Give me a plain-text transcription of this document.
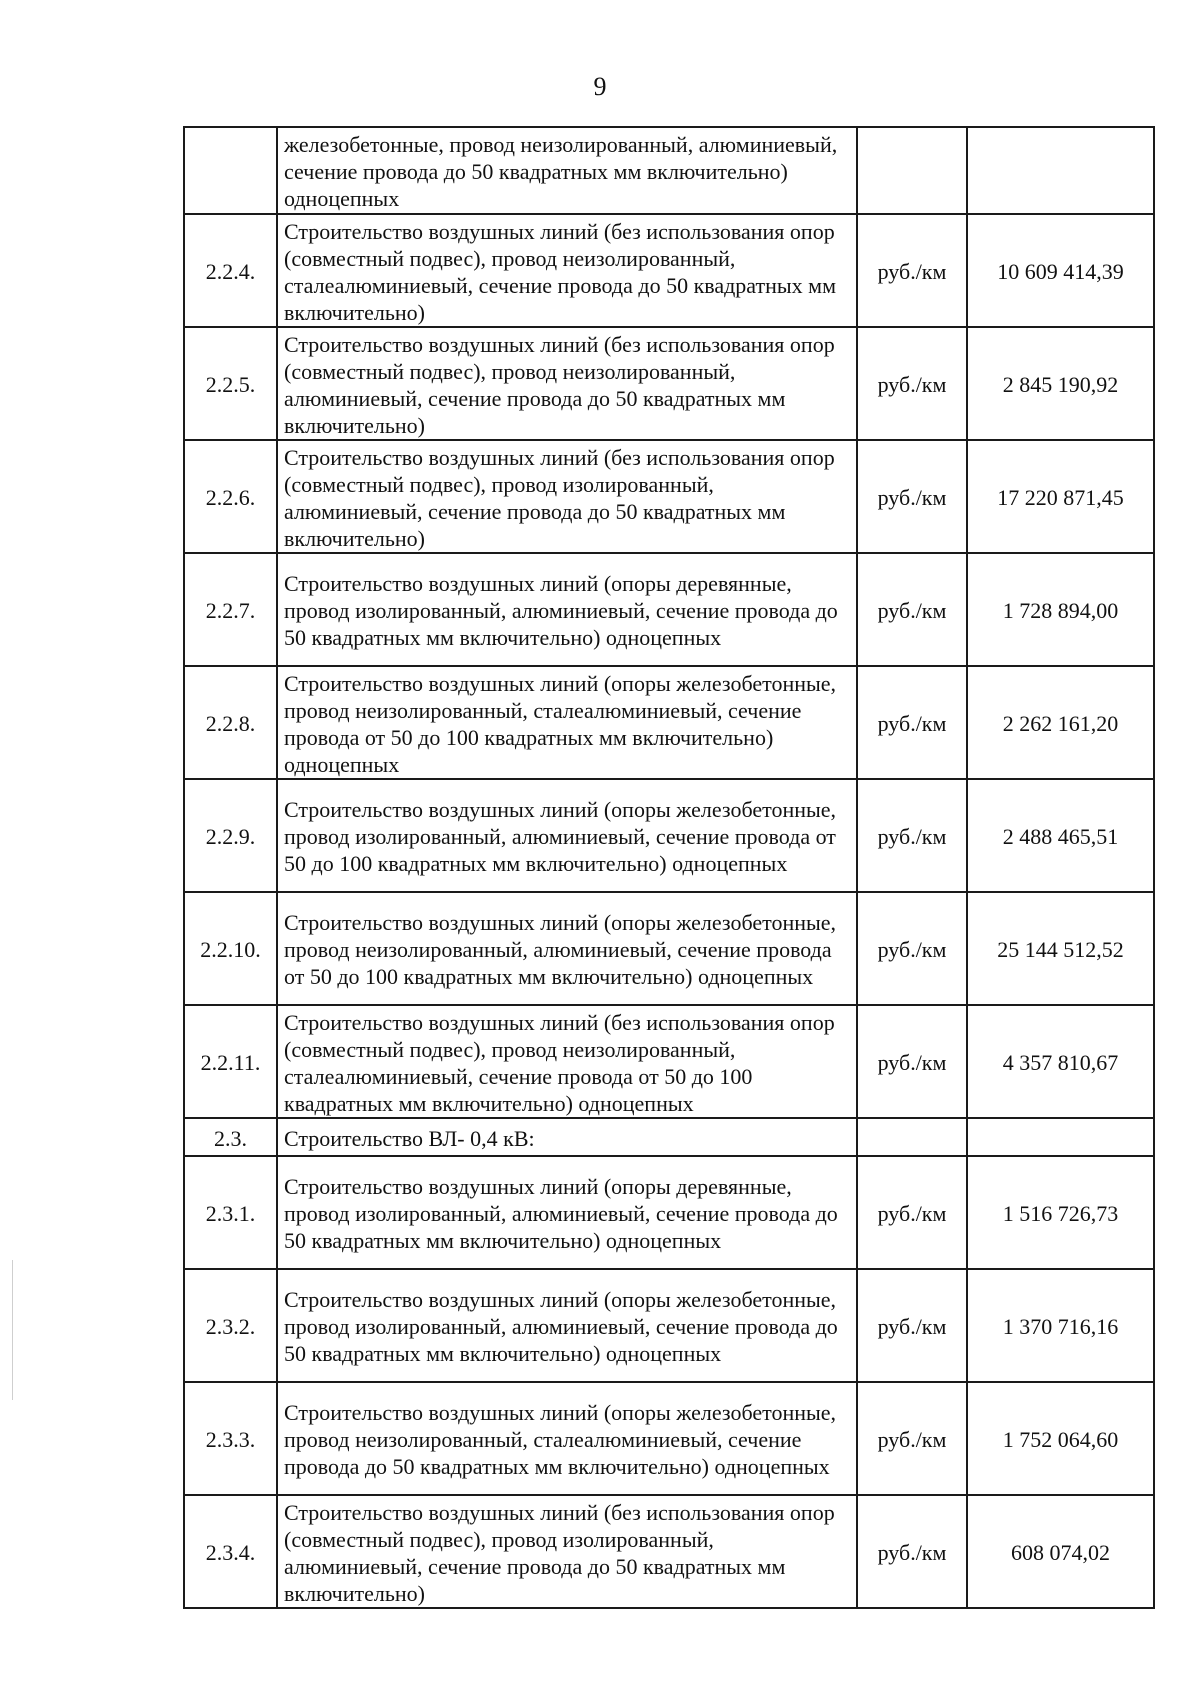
9
	железобетонные, провод неизолированный, алюминиевый, сечение провода до 50 квадратных мм включительно) одноцепных		
2.2.4.	Строительство воздушных линий (без использования опор (совместный подвес), провод неизолированный, сталеалюминиевый, сечение провода до 50 квадратных мм включительно)	руб./км	10 609 414,39
2.2.5.	Строительство воздушных линий (без использования опор (совместный подвес), провод неизолированный, алюминиевый, сечение провода до 50 квадратных мм включительно)	руб./км	2 845 190,92
2.2.6.	Строительство воздушных линий (без использования опор (совместный подвес), провод изолированный, алюминиевый, сечение провода до 50 квадратных мм включительно)	руб./км	17 220 871,45
2.2.7.	Строительство воздушных линий (опоры деревянные, провод изолированный, алюминиевый, сечение провода до 50 квадратных мм включительно) одноцепных	руб./км	1 728 894,00
2.2.8.	Строительство воздушных линий (опоры железобетонные, провод неизолированный, сталеалюминиевый, сечение провода от 50 до 100 квадратных мм включительно) одноцепных	руб./км	2 262 161,20
2.2.9.	Строительство воздушных линий (опоры железобетонные, провод изолированный, алюминиевый, сечение провода от 50 до 100 квадратных мм включительно) одноцепных	руб./км	2 488 465,51
2.2.10.	Строительство воздушных линий (опоры железобетонные, провод неизолированный, алюминиевый, сечение провода от 50 до 100 квадратных мм включительно) одноцепных	руб./км	25 144 512,52
2.2.11.	Строительство воздушных линий (без использования опор (совместный подвес), провод неизолированный, сталеалюминиевый, сечение провода от 50 до 100 квадратных мм включительно) одноцепных	руб./км	4 357 810,67
2.3.	Строительство ВЛ- 0,4 кВ:		
2.3.1.	Строительство воздушных линий (опоры деревянные, провод изолированный, алюминиевый, сечение провода до 50 квадратных мм включительно) одноцепных	руб./км	1 516 726,73
2.3.2.	Строительство воздушных линий (опоры железобетонные, провод изолированный, алюминиевый, сечение провода до 50 квадратных мм включительно) одноцепных	руб./км	1 370 716,16
2.3.3.	Строительство воздушных линий (опоры железобетонные, провод неизолированный, сталеалюминиевый, сечение провода до 50 квадратных мм включительно) одноцепных	руб./км	1 752 064,60
2.3.4.	Строительство воздушных линий (без использования опор (совместный подвес), провод изолированный, алюминиевый, сечение провода до 50 квадратных мм включительно)	руб./км	608 074,02
